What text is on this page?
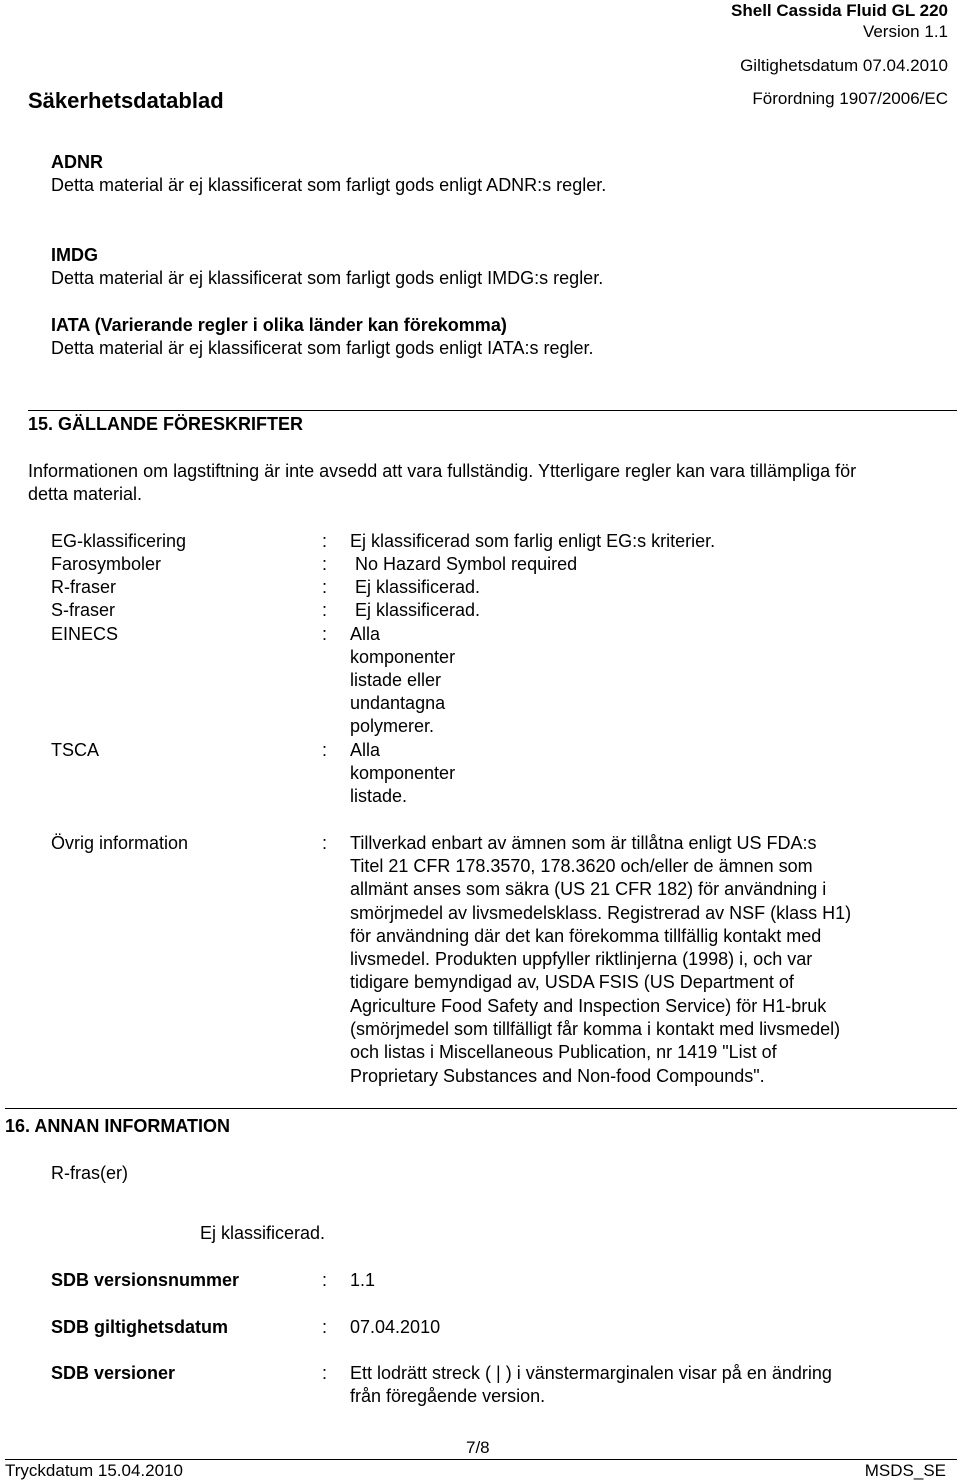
Shell Cassida Fluid GL 220
Version 1.1
Giltighetsdatum 07.04.2010
Säkerhetsdatablad	Förordning 1907/2006/EC
ADNR
Detta material är ej klassificerat som farligt gods enligt ADNR:s regler.
IMDG
Detta material är ej klassificerat som farligt gods enligt IMDG:s regler.
IATA (Varierande regler i olika länder kan förekomma)
Detta material är ej klassificerat som farligt gods enligt IATA:s regler.
15. GÄLLANDE FÖRESKRIFTER
Informationen om lagstiftning är inte avsedd att vara fullständig. Ytterligare regler kan vara tillämpliga för
detta material.
EG-klassificering	: Ej klassificerad som farlig enligt EG:s kriterier.
Farosymboler	: No Hazard Symbol required
R-fraser	: Ej klassificerad.
S-fraser	: Ej klassificerad.
EINECS	: Alla
komponenter
listade eller
undantagna
polymerer.
TSCA	: Alla
komponenter
listade.
Övrig information	: Tillverkad enbart av ämnen som är tillåtna enligt US FDA:s
Titel 21 CFR 178.3570, 178.3620 och/eller de ämnen som
allmänt anses som säkra (US 21 CFR 182) för användning i
smörjmedel av livsmedelsklass. Registrerad av NSF (klass H1)
för användning där det kan förekomma tillfällig kontakt med
livsmedel. Produkten uppfyller riktlinjerna (1998) i, och var
tidigare bemyndigad av, USDA FSIS (US Department of
Agriculture Food Safety and Inspection Service) för H1-bruk
(smörjmedel som tillfälligt får komma i kontakt med livsmedel)
och listas i Miscellaneous Publication, nr 1419 "List of
Proprietary Substances and Non-food Compounds".
16. ANNAN INFORMATION
R-fras(er)
Ej klassificerad.
SDB versionsnummer	: 1.1
SDB giltighetsdatum	: 07.04.2010
SDB versioner	: Ett lodrätt streck ( | ) i vänstermarginalen visar på en ändring
från föregående version.
7/8
Tryckdatum 15.04.2010	MSDS_SE
